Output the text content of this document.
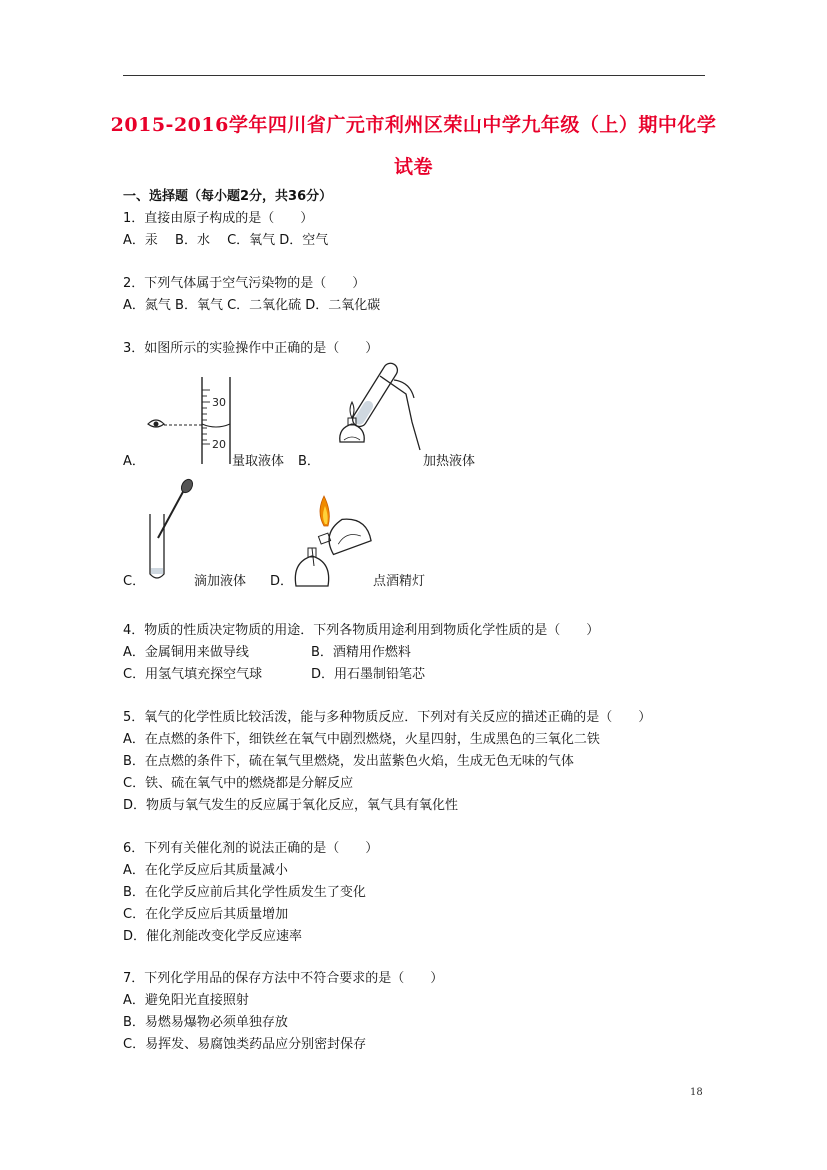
2015-2016学年四川省广元市利州区荣山中学九年级（上）期中化学
试卷
一、选择题（每小题2分，共36分）
1．直接由原子构成的是（　　）
A．汞　 B．水　 C．氧气 D．空气
2．下列气体属于空气污染物的是（　　）
A．氮气 B．氧气 C．二氧化硫 D．二氧化碳
3．如图所示的实验操作中正确的是（　　）
30
20
A．	量取液体 B．	加热液体
C．	滴加液体 D．	点酒精灯
4．物质的性质决定物质的用途．下列各物质用途利用到物质化学性质的是（　　）
A．金属铜用来做导线	B．酒精用作燃料
C．用氢气填充探空气球	D．用石墨制铅笔芯
5．氧气的化学性质比较活泼，能与多种物质反应．下列对有关反应的描述正确的是（　　）
A．在点燃的条件下，细铁丝在氧气中剧烈燃烧，火星四射，生成黑色的三氧化二铁
B．在点燃的条件下，硫在氧气里燃烧，发出蓝紫色火焰，生成无色无味的气体
C．铁、硫在氧气中的燃烧都是分解反应
D．物质与氧气发生的反应属于氧化反应，氧气具有氧化性
6．下列有关催化剂的说法正确的是（　　）
A．在化学反应后其质量减小
B．在化学反应前后其化学性质发生了变化
C．在化学反应后其质量增加
D．催化剂能改变化学反应速率
7．下列化学用品的保存方法中不符合要求的是（　　）
A．避免阳光直接照射
B．易燃易爆物必须单独存放
C．易挥发、易腐蚀类药品应分别密封保存
18
